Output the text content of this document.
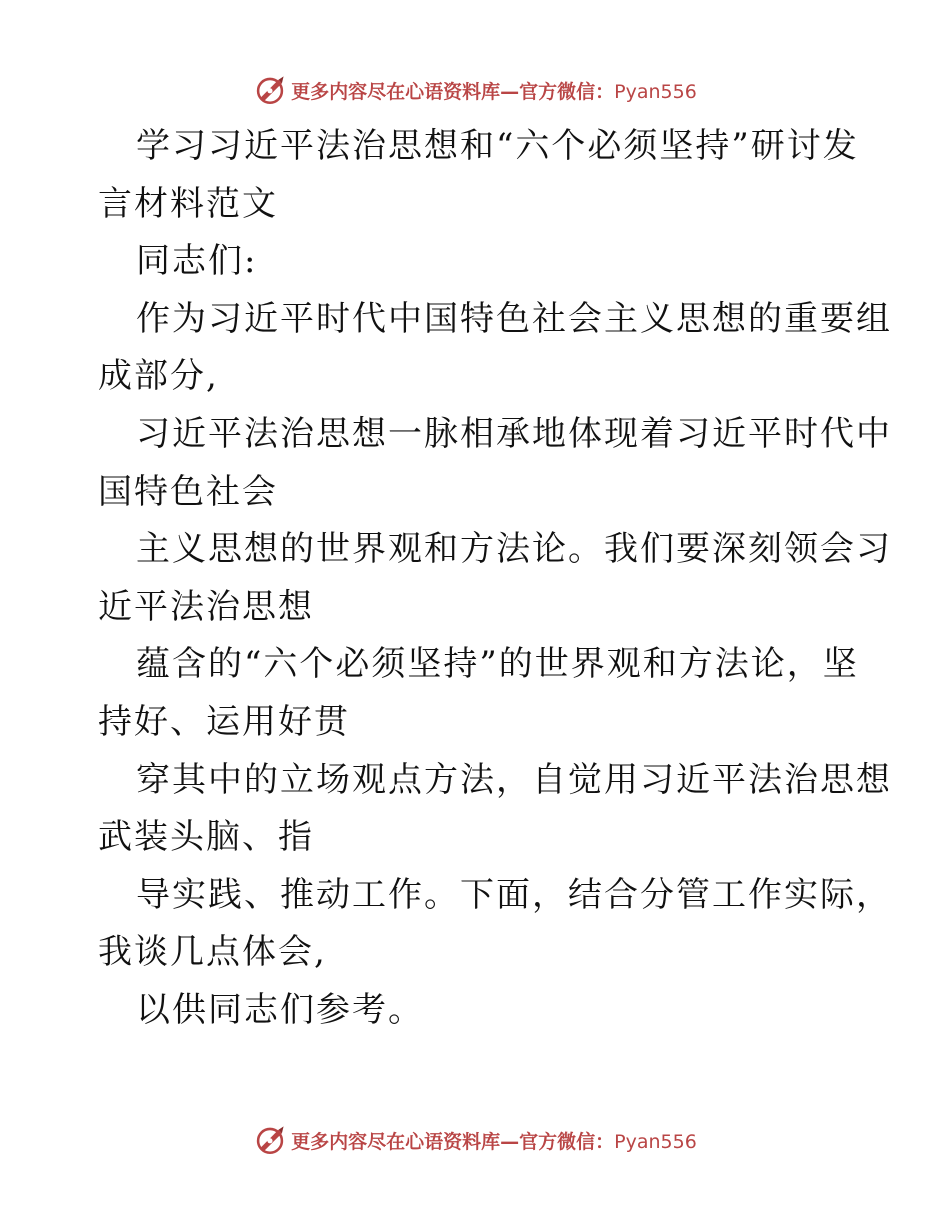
更多内容尽在心语资料库—官方微信：Pyan556
学习习近平法治思想和“六个必须坚持”研讨发
言材料范文
同志们:
作为习近平时代中国特色社会主义思想的重要组
成部分,
习近平法治思想一脉相承地体现着习近平时代中
国特色社会
主义思想的世界观和方法论。我们要深刻领会习
近平法治思想
蕴含的“六个必须坚持”的世界观和方法论，坚
持好、运用好贯
穿其中的立场观点方法，自觉用习近平法治思想
武装头脑、指
导实践、推动工作。下面，结合分管工作实际，
我谈几点体会,
以供同志们参考。
更多内容尽在心语资料库—官方微信：Pyan556
